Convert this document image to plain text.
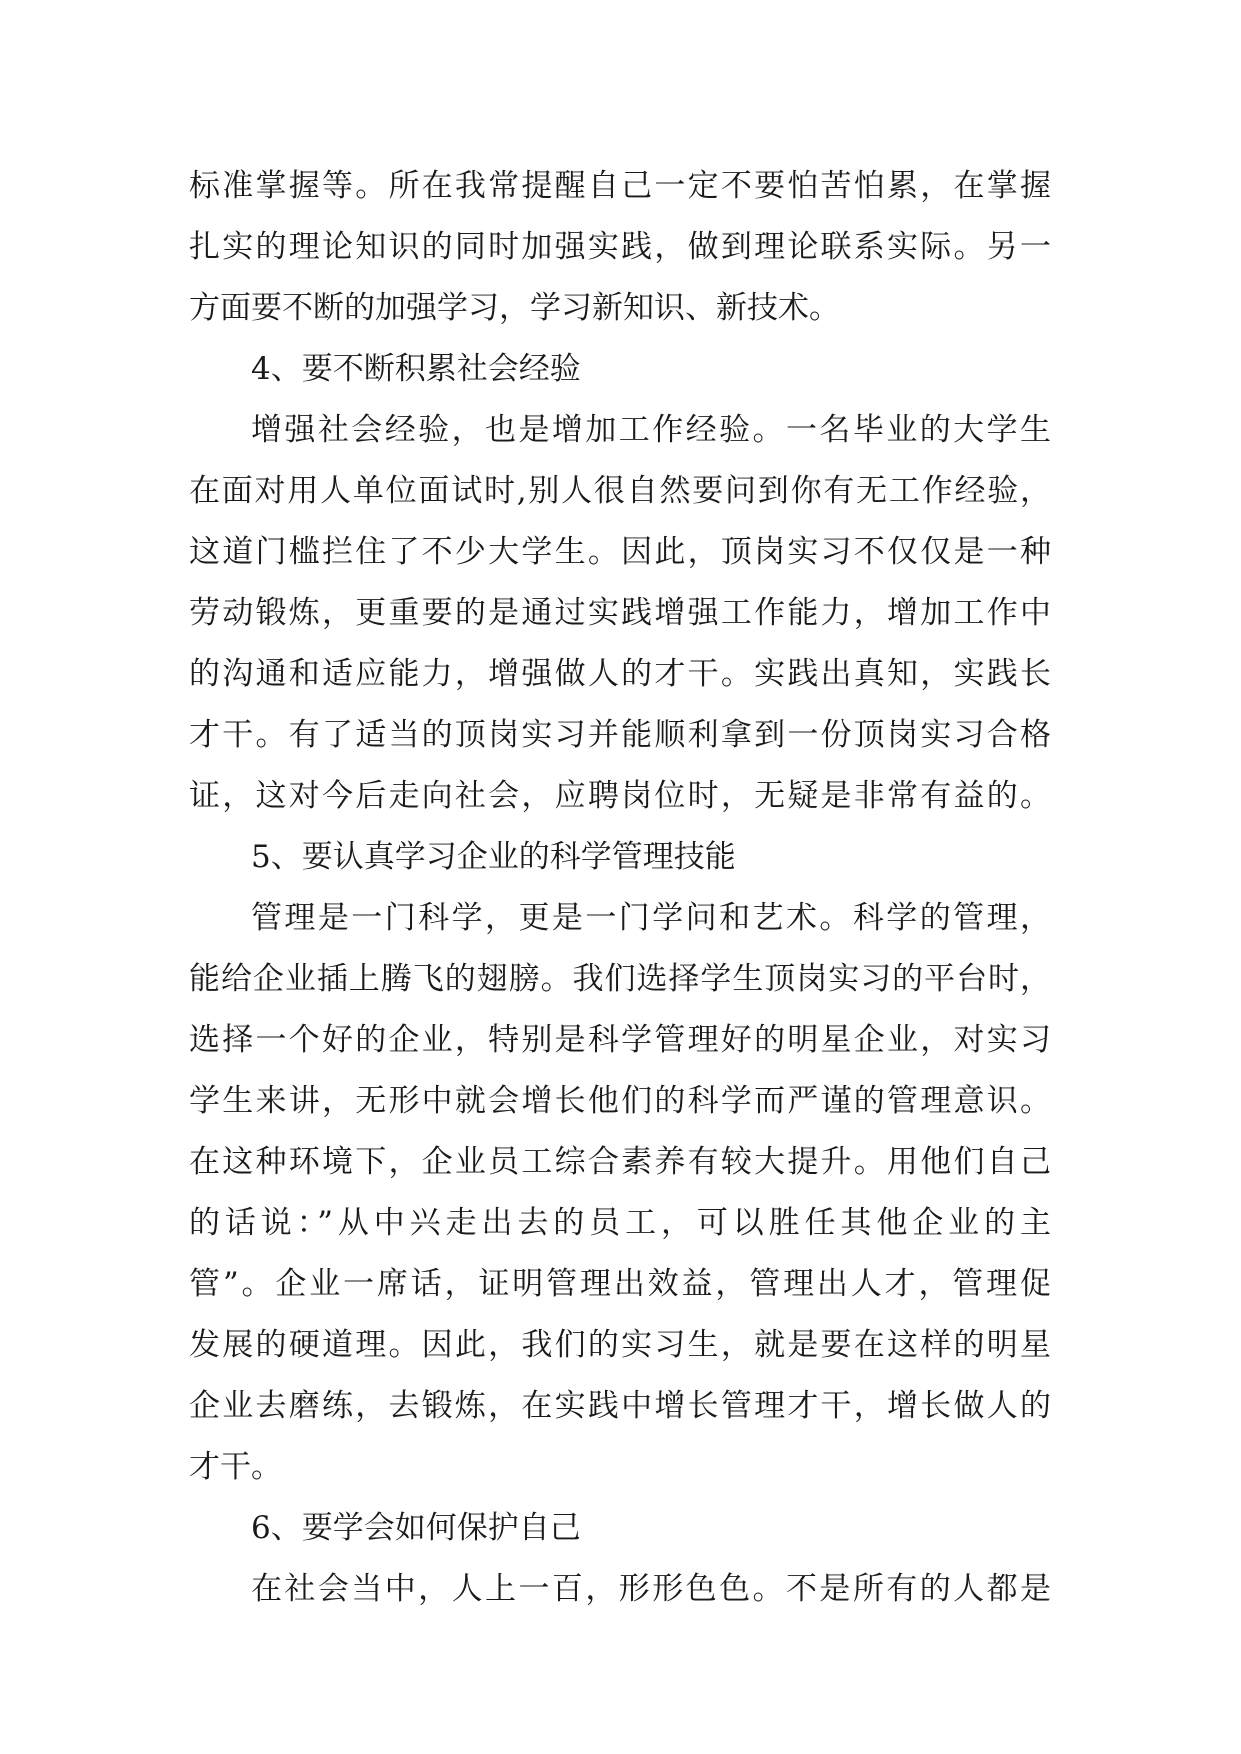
标准掌握等。所在我常提醒自己一定不要怕苦怕累，在掌握
扎实的理论知识的同时加强实践，做到理论联系实际。另一
方面要不断的加强学习，学习新知识、新技术。
4、要不断积累社会经验
增强社会经验，也是增加工作经验。一名毕业的大学生
在面对用人单位面试时,别人很自然要问到你有无工作经验，
这道门槛拦住了不少大学生。因此，顶岗实习不仅仅是一种
劳动锻炼，更重要的是通过实践增强工作能力，增加工作中
的沟通和适应能力，增强做人的才干。实践出真知，实践长
才干。有了适当的顶岗实习并能顺利拿到一份顶岗实习合格
证，这对今后走向社会，应聘岗位时，无疑是非常有益的。
5、要认真学习企业的科学管理技能
管理是一门科学，更是一门学问和艺术。科学的管理，
能给企业插上腾飞的翅膀。我们选择学生顶岗实习的平台时，
选择一个好的企业，特别是科学管理好的明星企业，对实习
学生来讲，无形中就会增长他们的科学而严谨的管理意识。
在这种环境下，企业员工综合素养有较大提升。用他们自己
的话说：”从中兴走出去的员工，可以胜任其他企业的主
管”。企业一席话，证明管理出效益，管理出人才，管理促
发展的硬道理。因此，我们的实习生，就是要在这样的明星
企业去磨练，去锻炼，在实践中增长管理才干，增长做人的
才干。
6、要学会如何保护自己
在社会当中，人上一百，形形色色。不是所有的人都是
